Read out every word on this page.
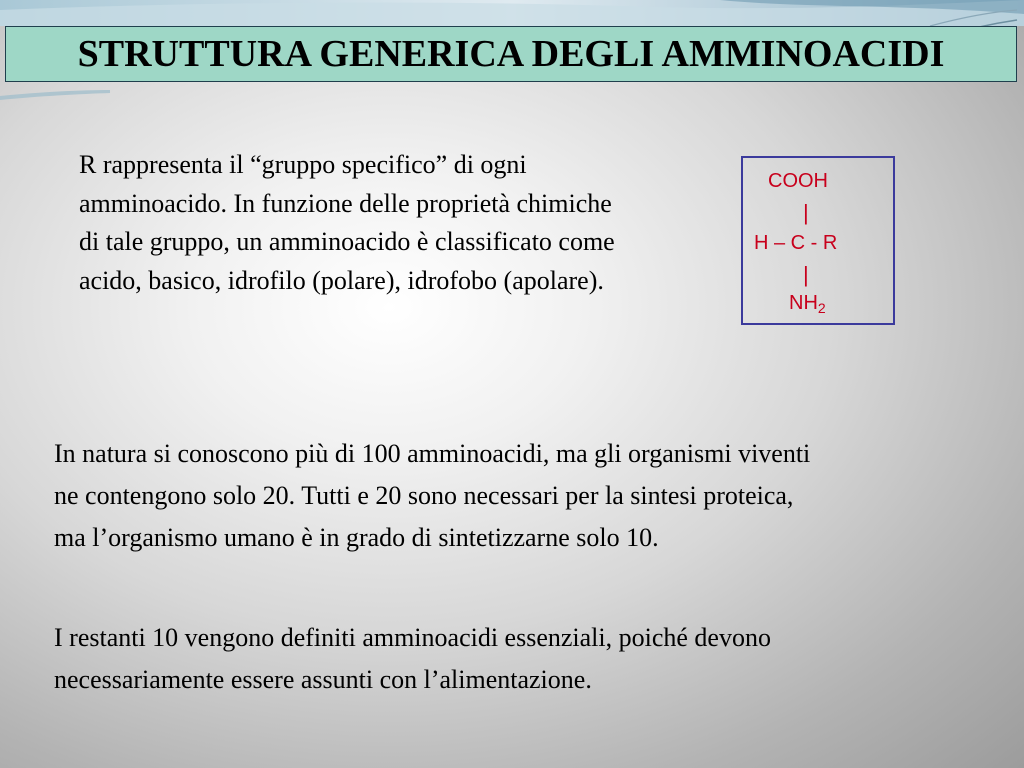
STRUTTURA GENERICA DEGLI AMMINOACIDI
R rappresenta il “gruppo specifico” di ogni amminoacido. In funzione delle proprietà chimiche di tale gruppo, un amminoacido è classificato come acido, basico, idrofilo (polare), idrofobo (apolare).
COOH
|
H – C - R
|
$NH_2$
In natura si conoscono più di 100 amminoacidi, ma gli organismi viventi ne contengono solo 20. Tutti e 20 sono necessari per la sintesi proteica, ma l’organismo umano è in grado di sintetizzarne solo 10.
I restanti 10 vengono definiti amminoacidi essenziali, poiché devono necessariamente essere assunti con l’alimentazione.
